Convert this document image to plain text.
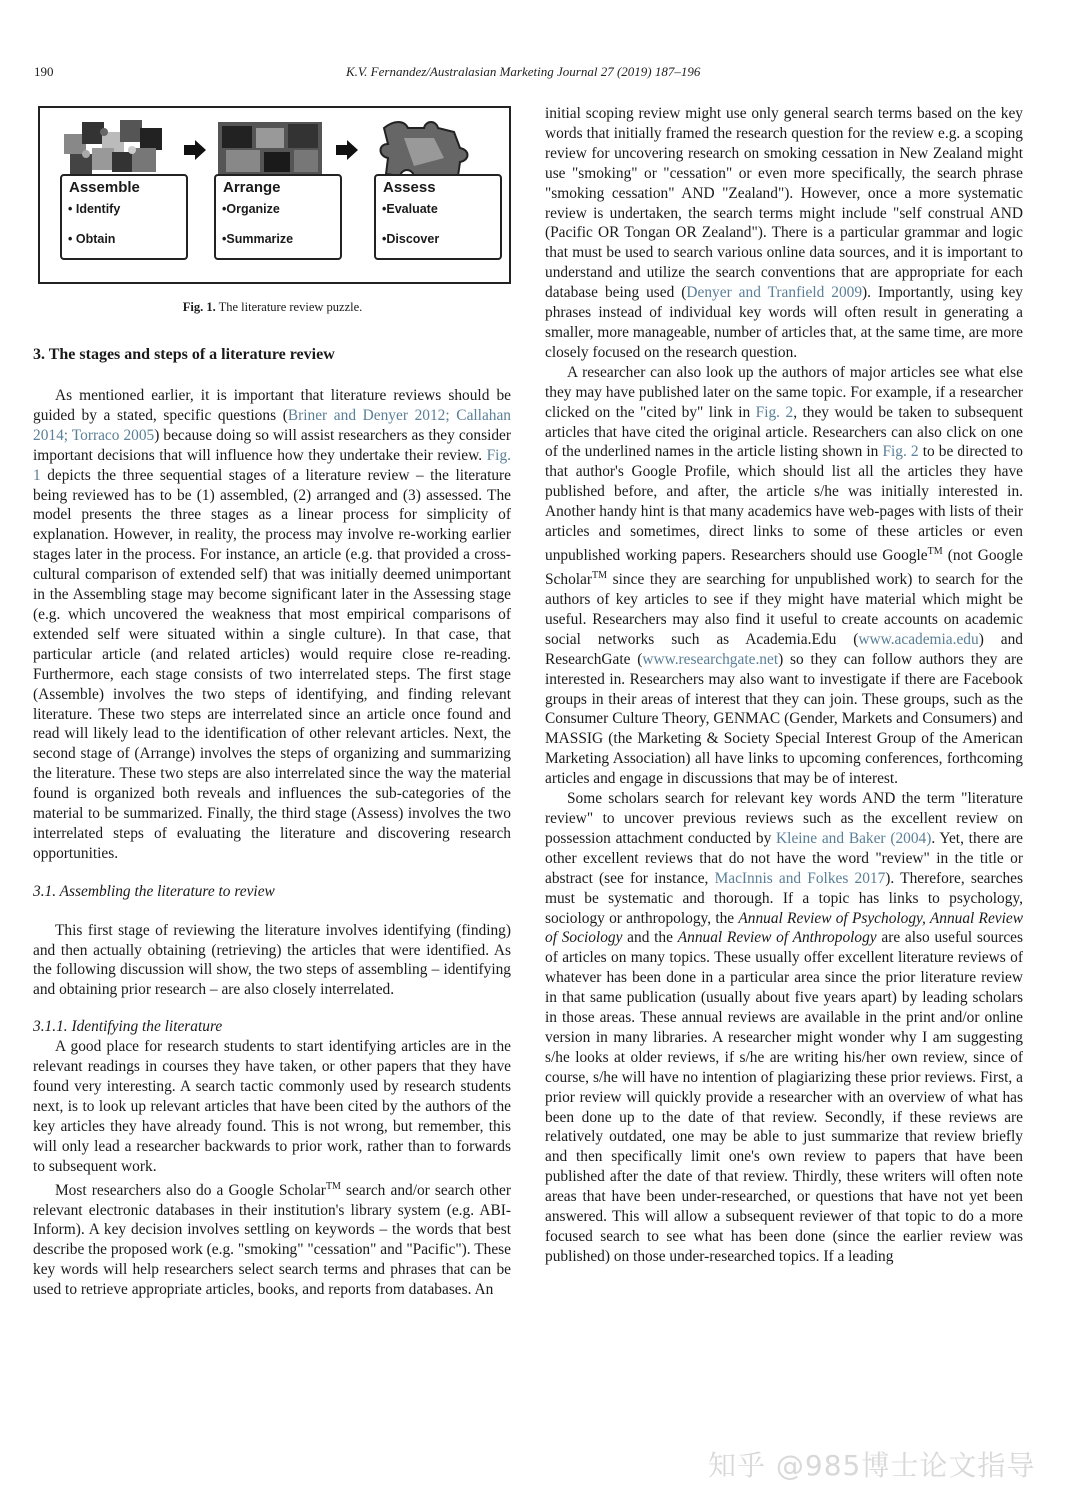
190	K.V. Fernandez/Australasian Marketing Journal 27 (2019) 187–196
Assemble
• Identify
• Obtain
Arrange
•Organize
•Summarize
Assess
•Evaluate
•Discover
Fig. 1. The literature review puzzle.
3. The stages and steps of a literature review

As mentioned earlier, it is important that literature reviews should be guided by a stated, specific questions (Briner and Denyer 2012; Callahan 2014; Torraco 2005) because doing so will assist researchers as they consider important decisions that will influence how they undertake their review. Fig. 1 depicts the three sequential stages of a literature review – the literature being reviewed has to be (1) assembled, (2) arranged and (3) assessed. The model presents the three stages as a linear process for simplicity of explanation. However, in reality, the process may involve re-working earlier stages later in the process. For instance, an article (e.g. that provided a cross-cultural comparison of extended self) that was initially deemed unimportant in the Assembling stage may become significant later in the Assessing stage (e.g. which uncovered the weakness that most empirical comparisons of extended self were situated within a single culture). In that case, that particular article (and related articles) would require close re-reading. Furthermore, each stage consists of two interrelated steps. The first stage (Assemble) involves the two steps of identifying, and finding relevant literature. These two steps are interrelated since an article once found and read will likely lead to the identification of other relevant articles. Next, the second stage of (Arrange) involves the steps of organizing and summarizing the literature. These two steps are also interrelated since the way the material found is organized both reveals and influences the sub-categories of the material to be summarized. Finally, the third stage (Assess) involves the two interrelated steps of evaluating the literature and discovering research opportunities.

3.1. Assembling the literature to review

This first stage of reviewing the literature involves identifying (finding) and then actually obtaining (retrieving) the articles that were identified. As the following discussion will show, the two steps of assembling – identifying and obtaining prior research – are also closely interrelated.

3.1.1. Identifying the literature

A good place for research students to start identifying articles are in the relevant readings in courses they have taken, or other papers that they have found very interesting. A search tactic commonly used by research students next, is to look up relevant articles that have been cited by the authors of the key articles they have already found. This is not wrong, but remember, this will only lead a researcher backwards to prior work, rather than to forwards to subsequent work.

Most researchers also do a Google Scholar™ search and/or search other relevant electronic databases in their institution's library system (e.g. ABI-Inform). A key decision involves settling on keywords – the words that best describe the proposed work (e.g. "smoking" "cessation" and "Pacific"). These key words will help researchers select search terms and phrases that can be used to retrieve appropriate articles, books, and reports from databases. An

initial scoping review might use only general search terms based on the key words that initially framed the research question for the review e.g. a scoping review for uncovering research on smoking cessation in New Zealand might use "smoking" or "cessation" or even more specifically, the search phrase "smoking cessation" AND "Zealand"). However, once a more systematic review is undertaken, the search terms might include "self construal AND (Pacific OR Tongan OR Zealand"). There is a particular grammar and logic that must be used to search various online data sources, and it is important to understand and utilize the search conventions that are appropriate for each database being used (Denyer and Tranfield 2009). Importantly, using key phrases instead of individual key words will often result in generating a smaller, more manageable, number of articles that, at the same time, are more closely focused on the research question.

A researcher can also look up the authors of major articles see what else they may have published later on the same topic. For example, if a researcher clicked on the "cited by" link in Fig. 2, they would be taken to subsequent articles that have cited the original article. Researchers can also click on one of the underlined names in the article listing shown in Fig. 2 to be directed to that author's Google Profile, which should list all the articles they have published before, and after, the article s/he was initially interested in. Another handy hint is that many academics have web-pages with lists of their articles and sometimes, direct links to some of these articles or even unpublished working papers. Researchers should use Google™ (not Google Scholar™ since they are searching for unpublished work) to search for the authors of key articles to see if they might have material which might be useful. Researchers may also find it useful to create accounts on academic social networks such as Academia.Edu (www.academia.edu) and ResearchGate (www.researchgate.net) so they can follow authors they are interested in. Researchers may also want to investigate if there are Facebook groups in their areas of interest that they can join. These groups, such as the Consumer Culture Theory, GENMAC (Gender, Markets and Consumers) and MASSIG (the Marketing & Society Special Interest Group of the American Marketing Association) all have links to upcoming conferences, forthcoming articles and engage in discussions that may be of interest.

Some scholars search for relevant key words AND the term "literature review" to uncover previous reviews such as the excellent review on possession attachment conducted by Kleine and Baker (2004). Yet, there are other excellent reviews that do not have the word "review" in the title or abstract (see for instance, MacInnis and Folkes 2017). Therefore, searches must be systematic and thorough. If a topic has links to psychology, sociology or anthropology, the Annual Review of Psychology, Annual Review of Sociology and the Annual Review of Anthropology are also useful sources of articles on many topics. These usually offer excellent literature reviews of whatever has been done in a particular area since the prior literature review in that same publication (usually about five years apart) by leading scholars in those areas. These annual reviews are available in the print and/or online version in many libraries. A researcher might wonder why I am suggesting s/he looks at older reviews, if s/he are writing his/her own review, since of course, s/he will have no intention of plagiarizing these prior reviews. First, a prior review will quickly provide a researcher with an overview of what has been done up to the date of that review. Secondly, if these reviews are relatively outdated, one may be able to just summarize that review briefly and then specifically limit one's own review to papers that have been published after the date of that review. Thirdly, these writers will often note areas that have been under-researched, or questions that have not yet been answered. This will allow a subsequent reviewer of that topic to do a more focused search to see what has been done (since the earlier review was published) on those under-researched topics. If a leading

知乎 @985博士论文指导
